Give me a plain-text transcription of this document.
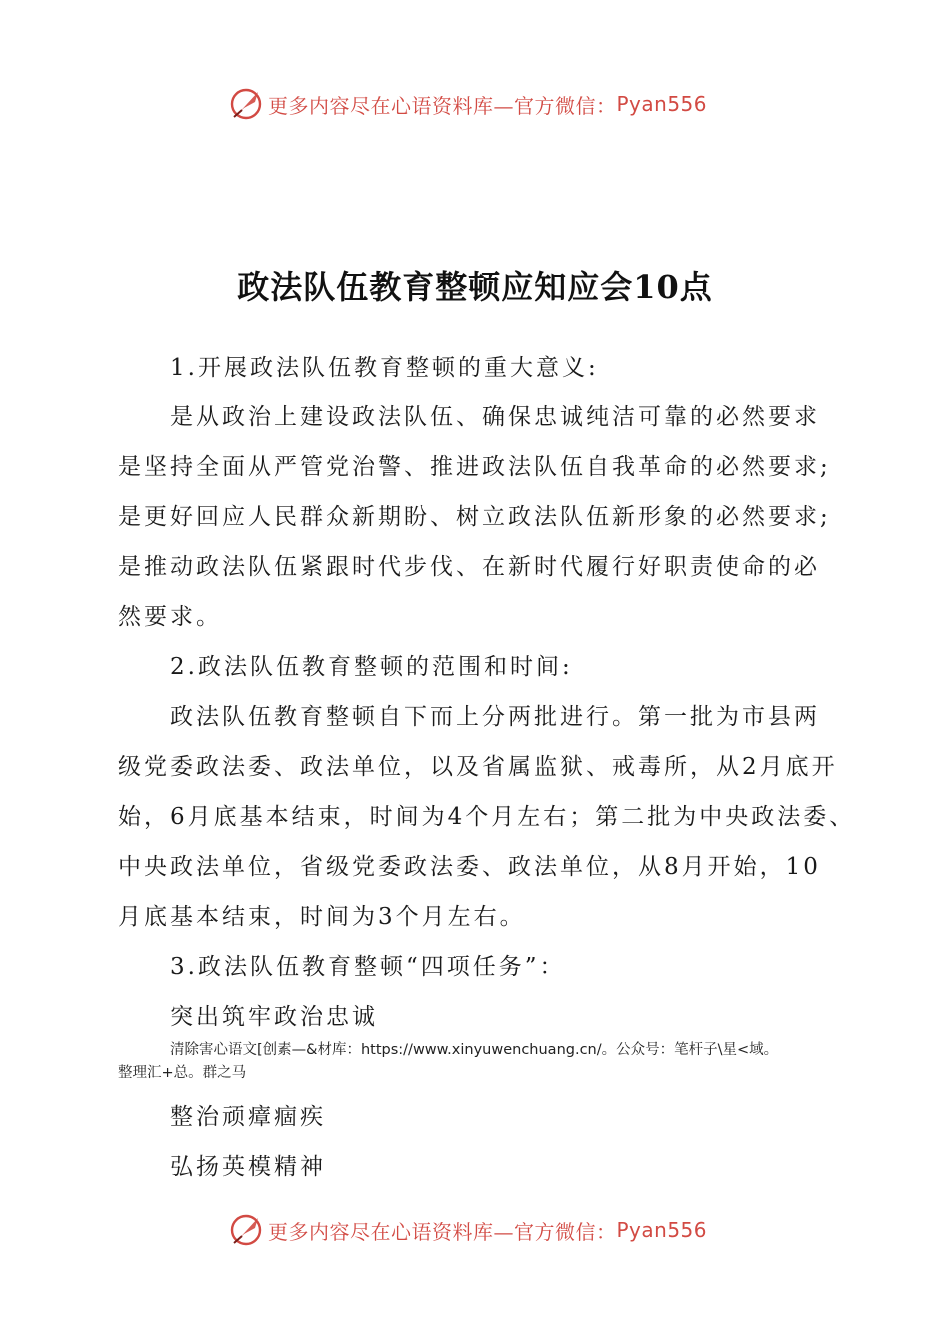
更多内容尽在心语资料库—官方微信： Pyan556
政法队伍教育整顿应知应会10点
1.开展政法队伍教育整顿的重大意义:
是从政治上建设政法队伍、确保忠诚纯洁可靠的必然要求
是坚持全面从严管党治警、推进政法队伍自我革命的必然要求;
是更好回应人民群众新期盼、树立政法队伍新形象的必然要求;
是推动政法队伍紧跟时代步伐、在新时代履行好职责使命的必
然要求。
2.政法队伍教育整顿的范围和时间:
政法队伍教育整顿自下而上分两批进行。第一批为市县两
级党委政法委、政法单位，以及省属监狱、戒毒所，从2月底开
始，6月底基本结束，时间为4个月左右；第二批为中央政法委、
中央政法单位，省级党委政法委、政法单位，从8月开始，10
月底基本结束，时间为3个月左右。
3.政法队伍教育整顿“四项任务”：
突出筑牢政治忠诚
清除害心语文[创素—&材库：https://www.xinyuwenchuang.cn/。公众号：笔杆子\星<域。
整理汇+总。群之马
整治顽瘴痼疾
弘扬英模精神
更多内容尽在心语资料库—官方微信： Pyan556
